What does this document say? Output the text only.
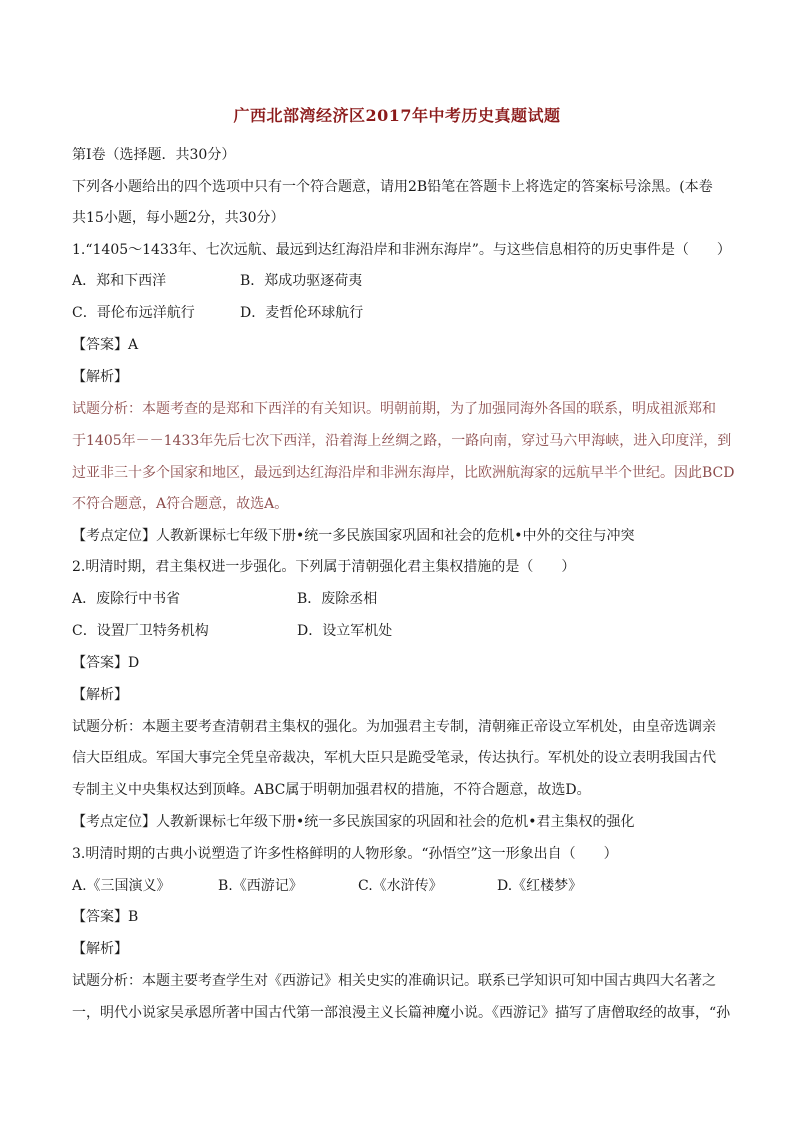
广西北部湾经济区2017年中考历史真题试题
第Ⅰ卷（选择题．共30分）
下列各小题给出的四个选项中只有一个符合题意，请用2B铅笔在答题卡上将选定的答案标号涂黑。(本卷
共15小题，每小题2分，共30分）
1.“1405～1433年、七次远航、最远到达红海沿岸和非洲东海岸”。与这些信息相符的历史事件是（　　）
A．郑和下西洋	B．郑成功驱逐荷夷
C．哥伦布远洋航行	D．麦哲伦环球航行
【答案】A
【解析】
试题分析：本题考查的是郑和下西洋的有关知识。明朝前期，为了加强同海外各国的联系，明成祖派郑和
于1405年－－1433年先后七次下西洋，沿着海上丝绸之路，一路向南，穿过马六甲海峡，进入印度洋，到
过亚非三十多个国家和地区，最远到达红海沿岸和非洲东海岸，比欧洲航海家的远航早半个世纪。因此BCD
不符合题意，A符合题意，故选A。
【考点定位】人教新课标七年级下册•统一多民族国家巩固和社会的危机•中外的交往与冲突
2.明清时期，君主集权进一步强化。下列属于清朝强化君主集权措施的是（　　）
A．废除行中书省	B．废除丞相
C．设置厂卫特务机构	D．设立军机处
【答案】D
【解析】
试题分析：本题主要考查清朝君主集权的强化。为加强君主专制，清朝雍正帝设立军机处，由皇帝选调亲
信大臣组成。军国大事完全凭皇帝裁决，军机大臣只是跪受笔录，传达执行。军机处的设立表明我国古代
专制主义中央集权达到顶峰。ABC属于明朝加强君权的措施，不符合题意，故选D。
【考点定位】人教新课标七年级下册•统一多民族国家的巩固和社会的危机•君主集权的强化
3.明清时期的古典小说塑造了许多性格鲜明的人物形象。“孙悟空”这一形象出自（　　）
A.《三国演义》	B.《西游记》	C.《水浒传》	D.《红楼梦》
【答案】B
【解析】
试题分析：本题主要考查学生对《西游记》相关史实的准确识记。联系已学知识可知中国古典四大名著之
一，明代小说家吴承恩所著中国古代第一部浪漫主义长篇神魔小说。《西游记》描写了唐僧取经的故事，“孙
